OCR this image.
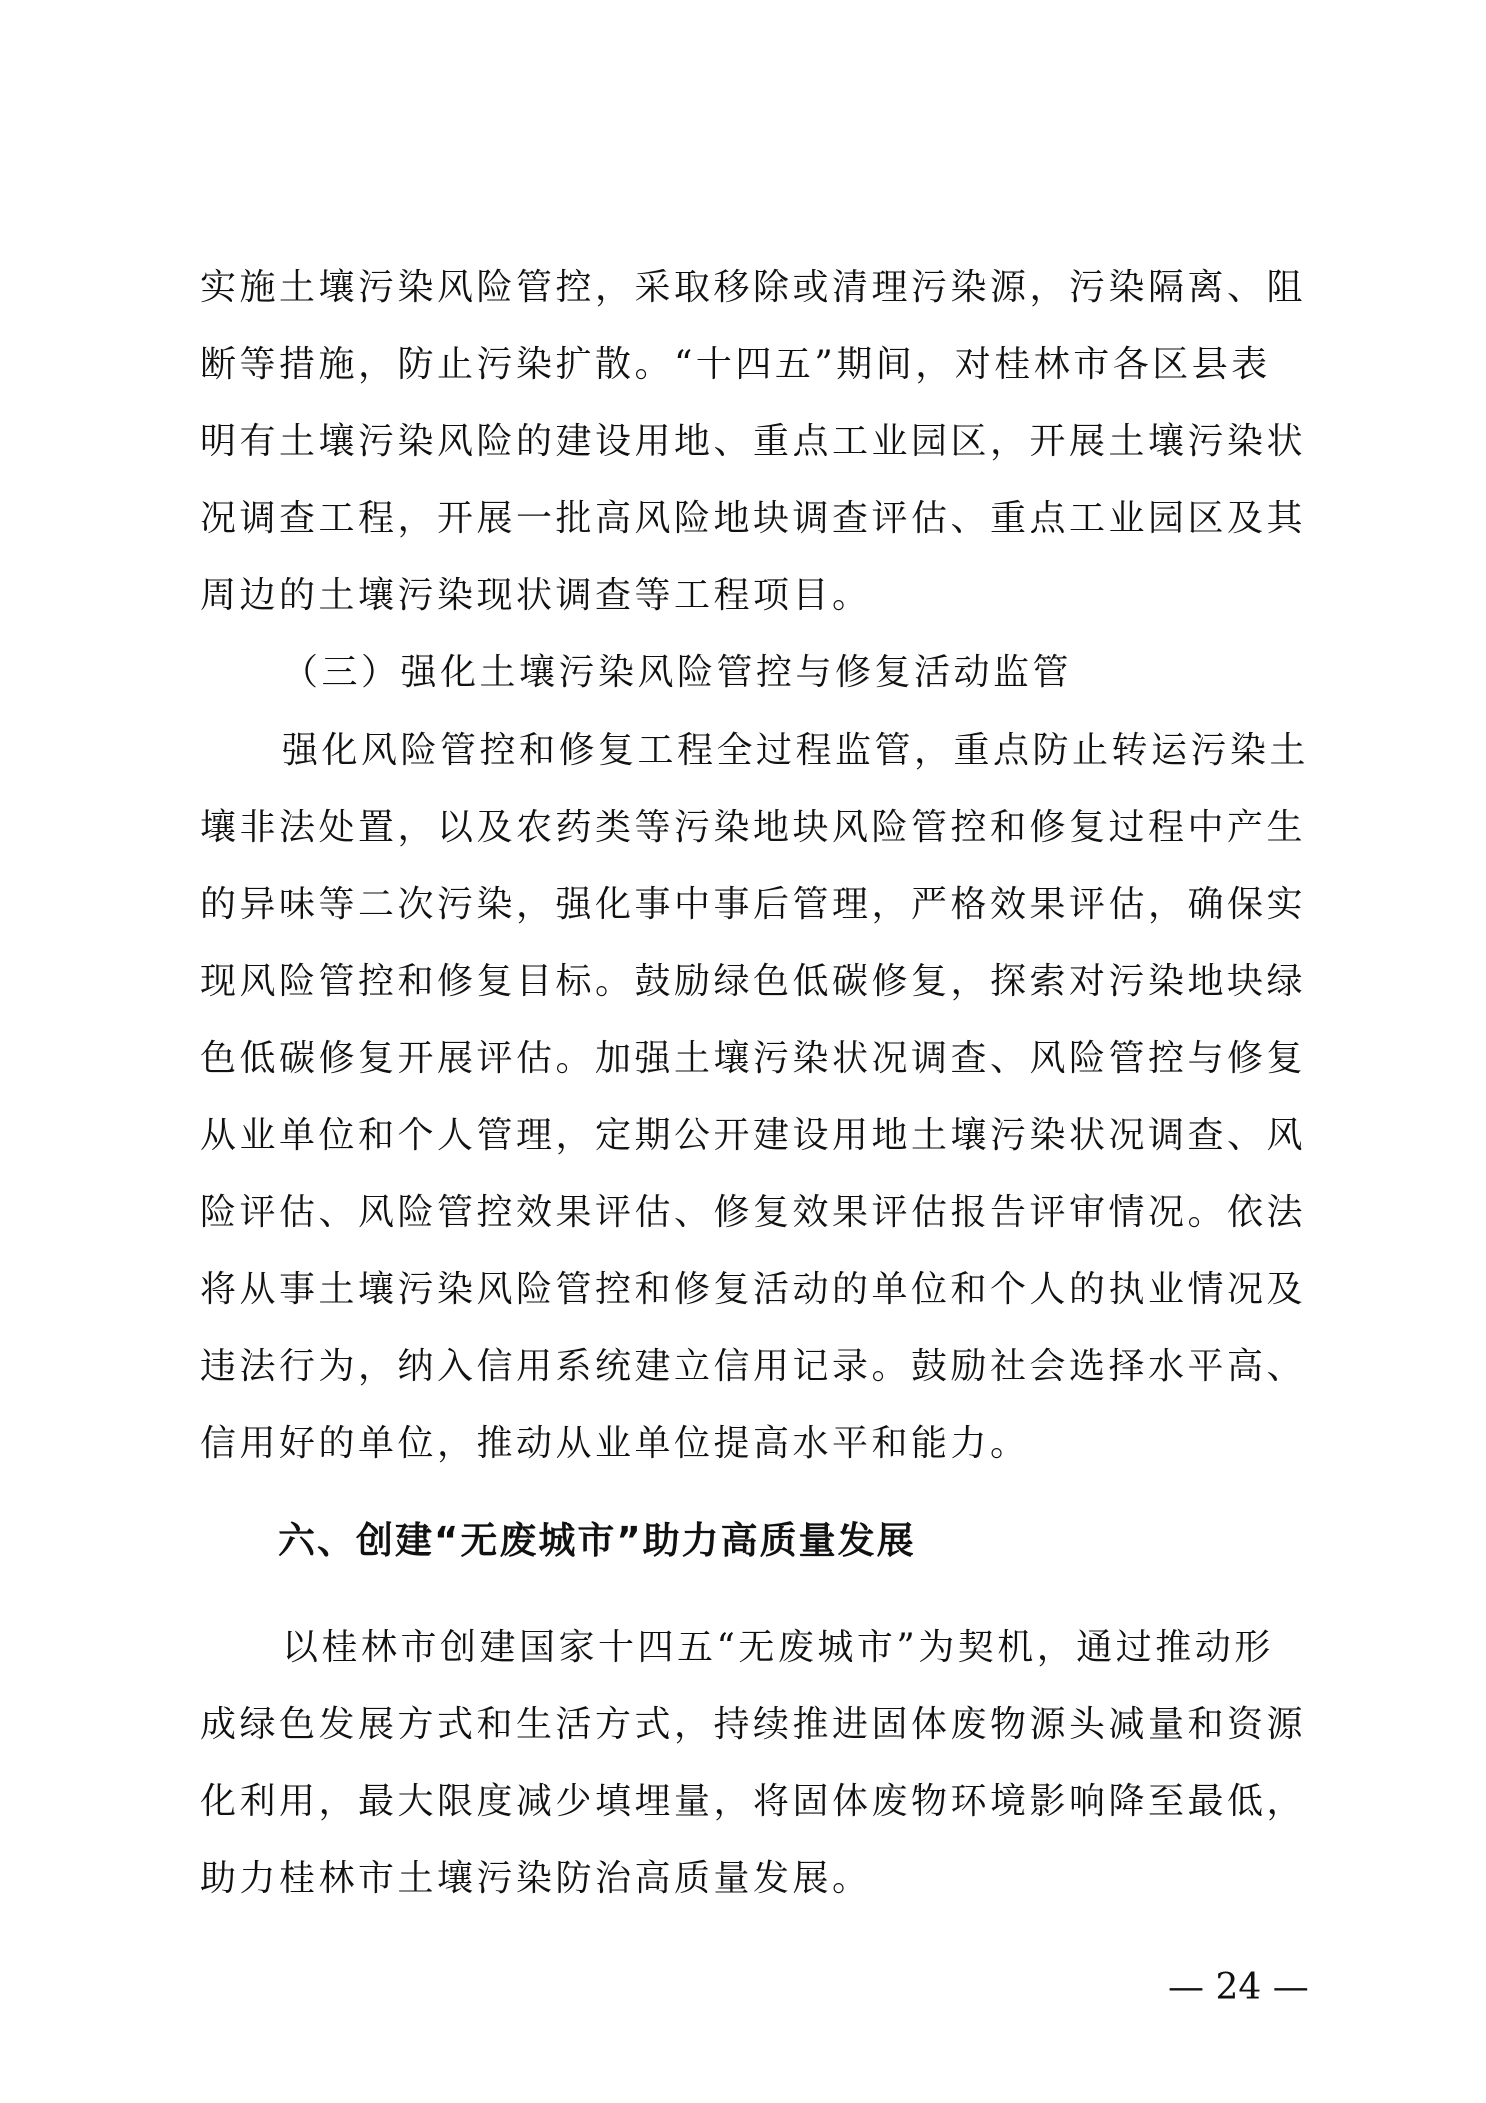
实施土壤污染风险管控，采取移除或清理污染源，污染隔离、阻
断等措施，防止污染扩散。“十四五”期间，对桂林市各区县表
明有土壤污染风险的建设用地、重点工业园区，开展土壤污染状
况调查工程，开展一批高风险地块调查评估、重点工业园区及其
周边的土壤污染现状调查等工程项目。
（三）强化土壤污染风险管控与修复活动监管
强化风险管控和修复工程全过程监管，重点防止转运污染土
壤非法处置，以及农药类等污染地块风险管控和修复过程中产生
的异味等二次污染，强化事中事后管理，严格效果评估，确保实
现风险管控和修复目标。鼓励绿色低碳修复，探索对污染地块绿
色低碳修复开展评估。加强土壤污染状况调查、风险管控与修复
从业单位和个人管理，定期公开建设用地土壤污染状况调查、风
险评估、风险管控效果评估、修复效果评估报告评审情况。依法
将从事土壤污染风险管控和修复活动的单位和个人的执业情况及
违法行为，纳入信用系统建立信用记录。鼓励社会选择水平高、
信用好的单位，推动从业单位提高水平和能力。
六、创建“无废城市”助力高质量发展
以桂林市创建国家十四五“无废城市”为契机，通过推动形
成绿色发展方式和生活方式，持续推进固体废物源头减量和资源
化利用，最大限度减少填埋量，将固体废物环境影响降至最低，
助力桂林市土壤污染防治高质量发展。
— 24 —
